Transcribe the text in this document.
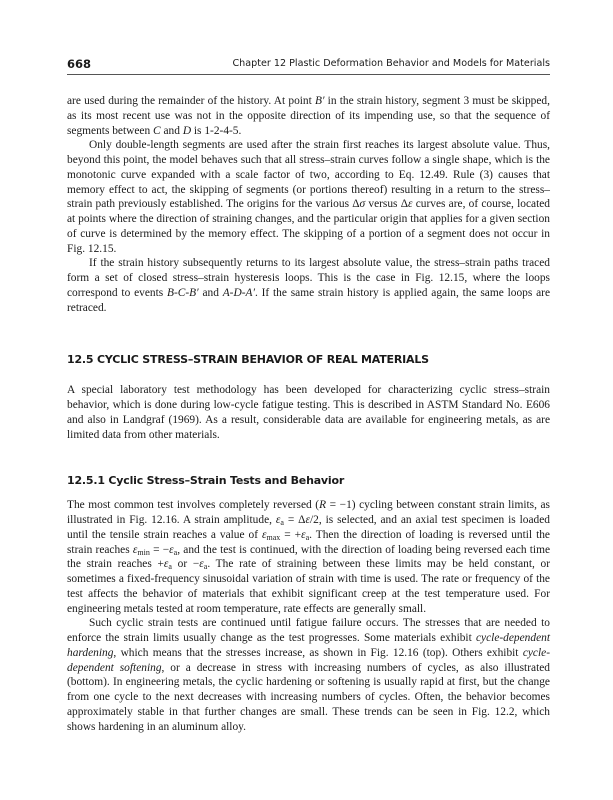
668	Chapter 12 Plastic Deformation Behavior and Models for Materials

are used during the remainder of the history. At point B′ in the strain history, segment 3 must be skipped, as its most recent use was not in the opposite direction of its impending use, so that the sequence of segments between C and D is 1-2-4-5.

Only double-length segments are used after the strain first reaches its largest absolute value. Thus, beyond this point, the model behaves such that all stress–strain curves follow a single shape, which is the monotonic curve expanded with a scale factor of two, according to Eq. 12.49. Rule (3) causes that memory effect to act, the skipping of segments (or portions thereof) resulting in a return to the stress–strain path previously established. The origins for the various Δσ versus Δε curves are, of course, located at points where the direction of straining changes, and the particular origin that applies for a given section of curve is determined by the memory effect. The skipping of a portion of a segment does not occur in Fig. 12.15.

If the strain history subsequently returns to its largest absolute value, the stress–strain paths traced form a set of closed stress–strain hysteresis loops. This is the case in Fig. 12.15, where the loops correspond to events B-C-B′ and A-D-A′. If the same strain history is applied again, the same loops are retraced.

12.5 CYCLIC STRESS–STRAIN BEHAVIOR OF REAL MATERIALS

A special laboratory test methodology has been developed for characterizing cyclic stress–strain behavior, which is done during low-cycle fatigue testing. This is described in ASTM Standard No. E606 and also in Landgraf (1969). As a result, considerable data are available for engineering metals, as are limited data from other materials.

12.5.1 Cyclic Stress–Strain Tests and Behavior

The most common test involves completely reversed (R = −1) cycling between constant strain limits, as illustrated in Fig. 12.16. A strain amplitude, $\varepsilon_a = \Delta\varepsilon/2$, is selected, and an axial test specimen is loaded until the tensile strain reaches a value of $\varepsilon_{max} = +\varepsilon_a$. Then the direction of loading is reversed until the strain reaches $\varepsilon_{min} = -\varepsilon_a$, and the test is continued, with the direction of loading being reversed each time the strain reaches $+\varepsilon_a$ or $-\varepsilon_a$. The rate of straining between these limits may be held constant, or sometimes a fixed-frequency sinusoidal variation of strain with time is used. The rate or frequency of the test affects the behavior of materials that exhibit significant creep at the test temperature used. For engineering metals tested at room temperature, rate effects are generally small.

Such cyclic strain tests are continued until fatigue failure occurs. The stresses that are needed to enforce the strain limits usually change as the test progresses. Some materials exhibit cycle-dependent hardening, which means that the stresses increase, as shown in Fig. 12.16 (top). Others exhibit cycle-dependent softening, or a decrease in stress with increasing numbers of cycles, as also illustrated (bottom). In engineering metals, the cyclic hardening or softening is usually rapid at first, but the change from one cycle to the next decreases with increasing numbers of cycles. Often, the behavior becomes approximately stable in that further changes are small. These trends can be seen in Fig. 12.2, which shows hardening in an aluminum alloy.
